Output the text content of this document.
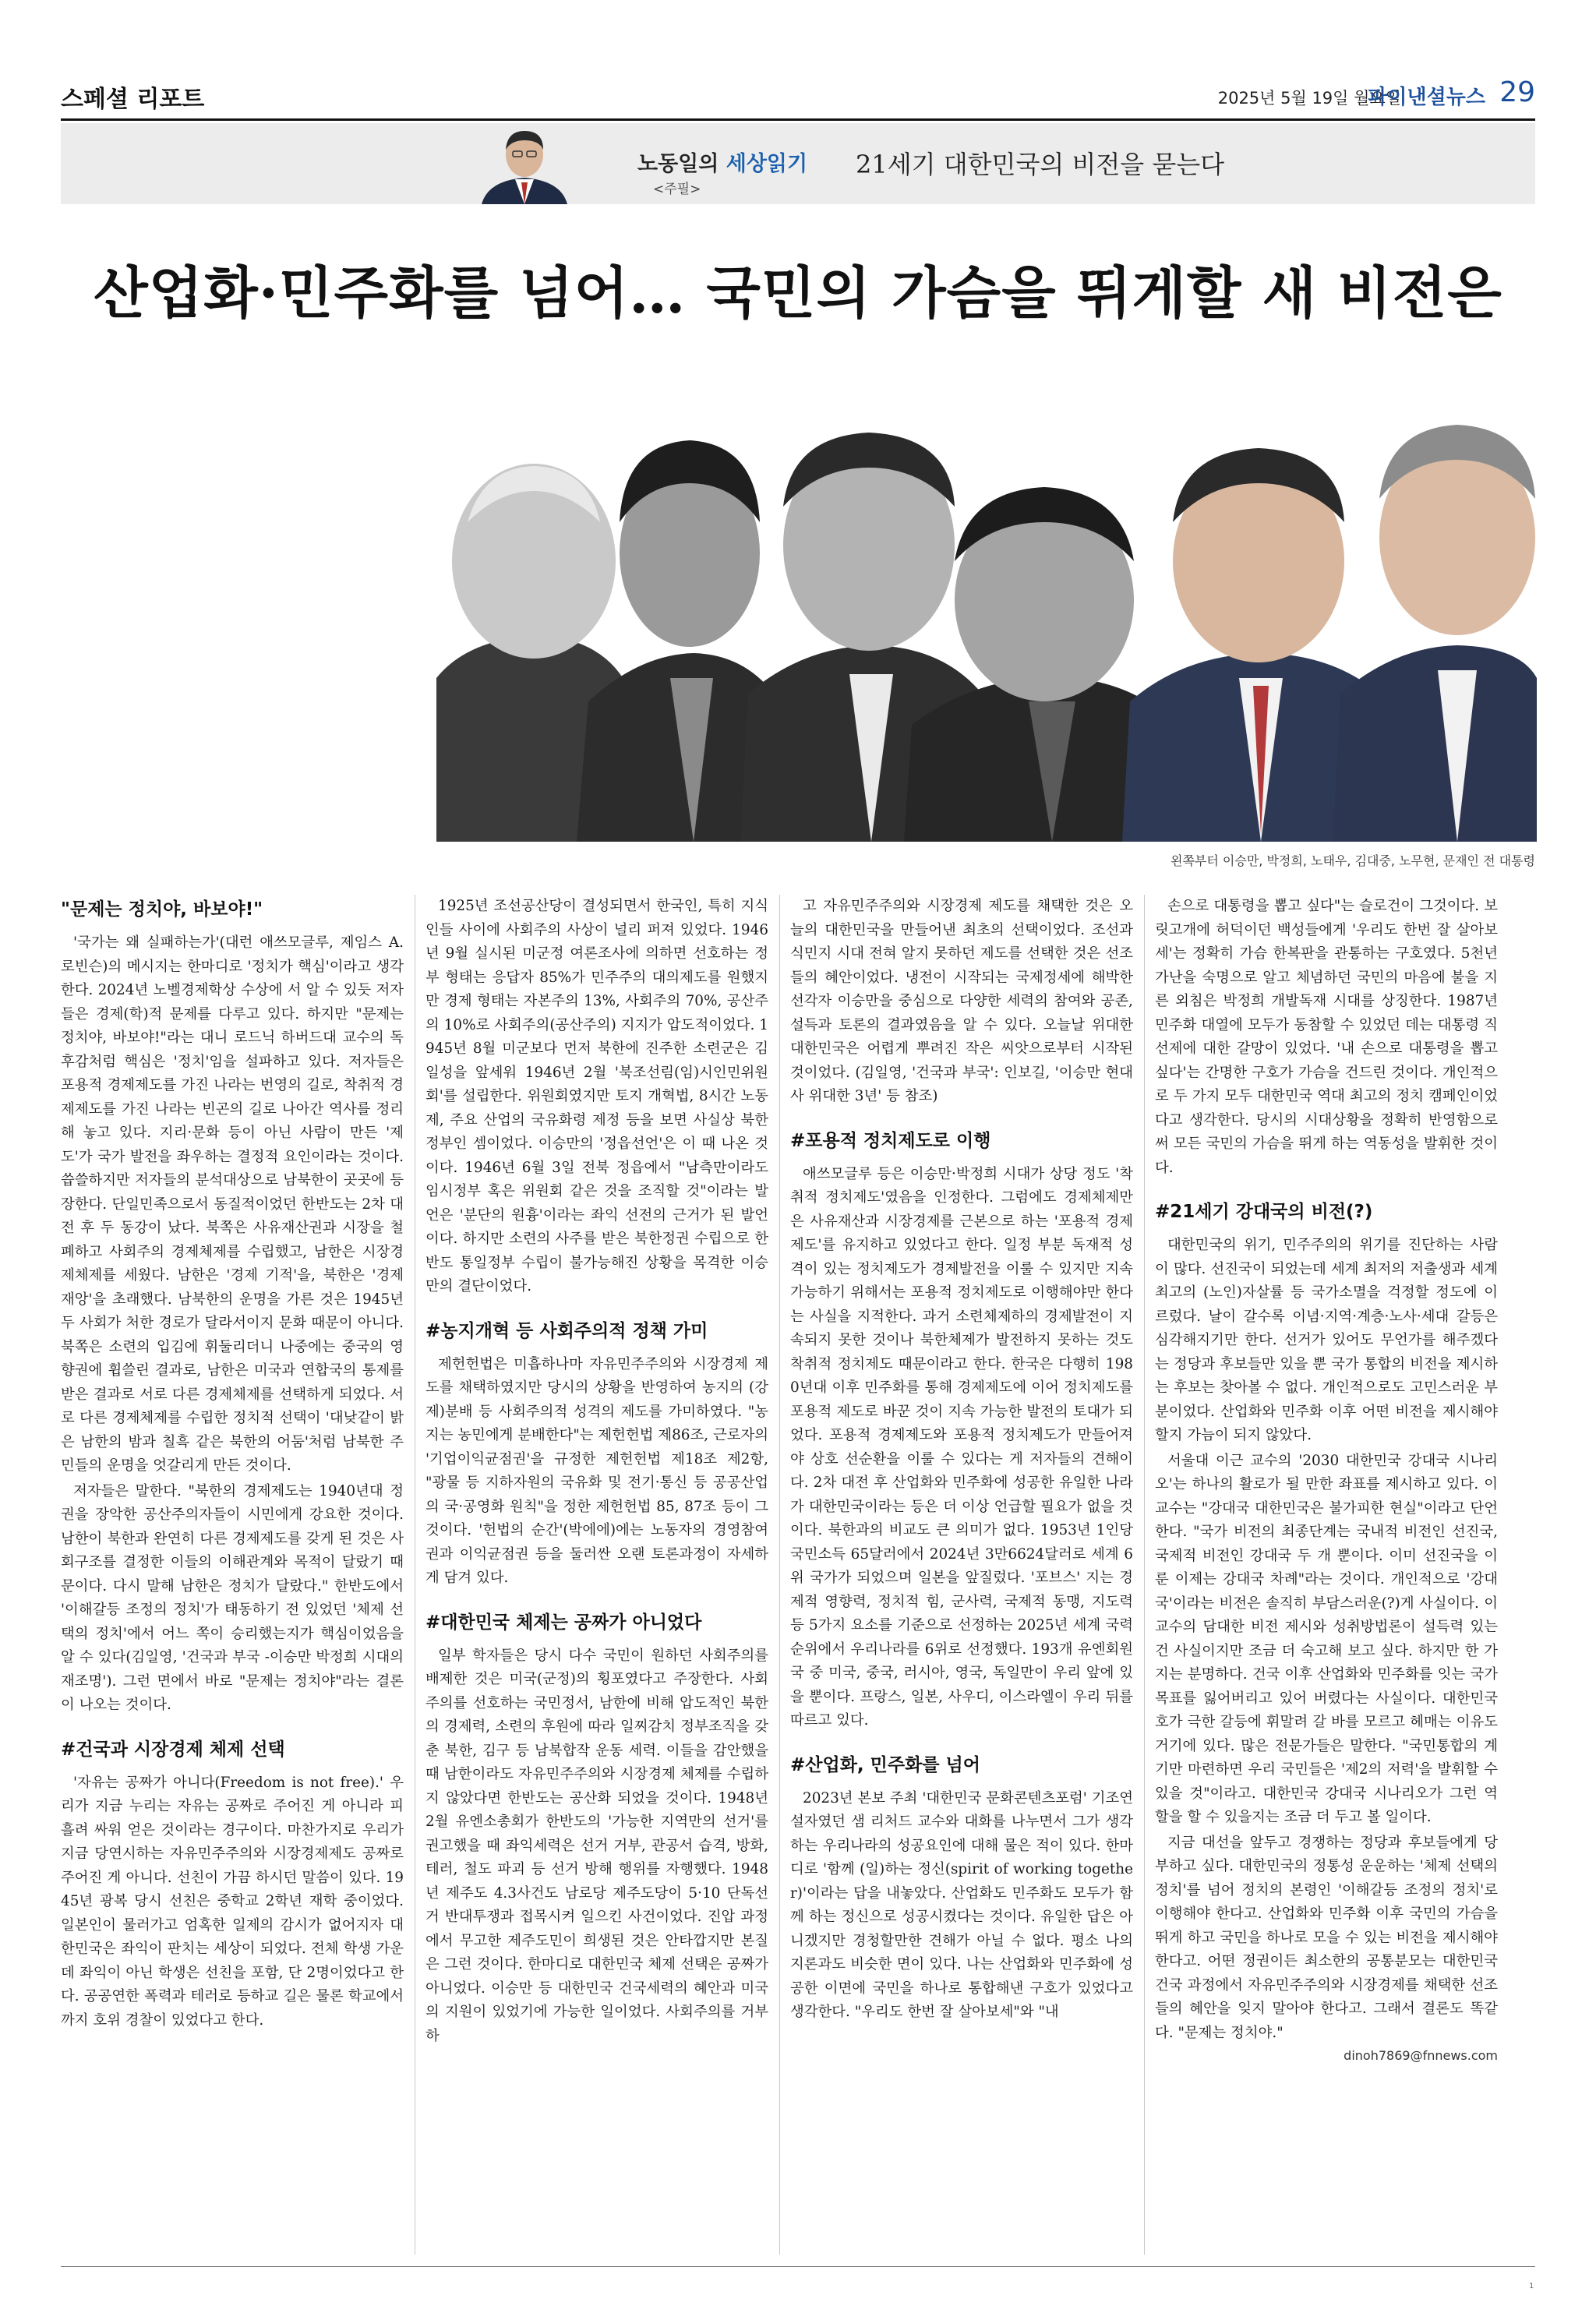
스페셜 리포트	2025년 5월 19일 월요일
파이낸셜뉴스 29
노동일의 세상읽기
<주필>
21세기 대한민국의 비전을 묻는다
산업화·민주화를 넘어… 국민의 가슴을 뛰게할 새 비전은
왼쪽부터 이승만, 박정희, 노태우, 김대중, 노무현, 문재인 전 대통령
"문제는 정치야, 바보야!"

'국가는 왜 실패하는가'(대런 애쓰모글루, 제임스 A. 로빈슨)의 메시지는 한마디로 '정치가 핵심'이라고 생각한다. 2024년 노벨경제학상 수상에 서 알 수 있듯 저자들은 경제(학)적 문제를 다루고 있다. 하지만 "문제는 정치야, 바보야!"라는 대니 로드닉 하버드대 교수의 독후감처럼 핵심은 '정치'임을 설파하고 있다. 저자들은 포용적 경제제도를 가진 나라는 번영의 길로, 착취적 경제제도를 가진 나라는 빈곤의 길로 나아간 역사를 정리해 놓고 있다. 지리·문화 등이 아닌 사람이 만든 '제도'가 국가 발전을 좌우하는 결정적 요인이라는 것이다. 씁쓸하지만 저자들의 분석대상으로 남북한이 곳곳에 등장한다. 단일민족으로서 동질적이었던 한반도는 2차 대전 후 두 동강이 났다. 북쪽은 사유재산권과 시장을 철폐하고 사회주의 경제체제를 수립했고, 남한은 시장경제체제를 세웠다. 남한은 '경제 기적'을, 북한은 '경제 재앙'을 초래했다. 남북한의 운명을 가른 것은 1945년 두 사회가 처한 경로가 달라서이지 문화 때문이 아니다. 북쪽은 소련의 입김에 휘둘리더니 나중에는 중국의 영향권에 휩쓸린 결과로, 남한은 미국과 연합국의 통제를 받은 결과로 서로 다른 경제체제를 선택하게 되었다. 서로 다른 경제체제를 수립한 정치적 선택이 '대낮같이 밝은 남한의 밤과 칠흑 같은 북한의 어둠'처럼 남북한 주민들의 운명을 엇갈리게 만든 것이다.

저자들은 말한다. "북한의 경제제도는 1940년대 정권을 장악한 공산주의자들이 시민에게 강요한 것이다. 남한이 북한과 완연히 다른 경제제도를 갖게 된 것은 사회구조를 결정한 이들의 이해관계와 목적이 달랐기 때문이다. 다시 말해 남한은 정치가 달랐다." 한반도에서 '이해갈등 조정의 정치'가 태동하기 전 있었던 '체제 선택의 정치'에서 어느 쪽이 승리했는지가 핵심이었음을 알 수 있다(김일영, '건국과 부국 -이승만 박정희 시대의 재조명'). 그런 면에서 바로 "문제는 정치야"라는 결론이 나오는 것이다.

#건국과 시장경제 체제 선택

'자유는 공짜가 아니다(Freedom is not free).' 우리가 지금 누리는 자유는 공짜로 주어진 게 아니라 피 흘려 싸워 얻은 것이라는 경구이다. 마찬가지로 우리가 지금 당연시하는 자유민주주의와 시장경제제도 공짜로 주어진 게 아니다. 선친이 가끔 하시던 말씀이 있다. 1945년 광복 당시 선친은 중학교 2학년 재학 중이었다. 일본인이 물러가고 엄혹한 일제의 감시가 없어지자 대한민국은 좌익이 판치는 세상이 되었다. 전체 학생 가운데 좌익이 아닌 학생은 선친을 포함, 단 2명이었다고 한다. 공공연한 폭력과 테러로 등하교 길은 물론 학교에서까지 호위 경찰이 있었다고 한다.

1925년 조선공산당이 결성되면서 한국인, 특히 지식인들 사이에 사회주의 사상이 널리 퍼져 있었다. 1946년 9월 실시된 미군정 여론조사에 의하면 선호하는 정부 형태는 응답자 85%가 민주주의 대의제도를 원했지만 경제 형태는 자본주의 13%, 사회주의 70%, 공산주의 10%로 사회주의(공산주의) 지지가 압도적이었다. 1945년 8월 미군보다 먼저 북한에 진주한 소련군은 김일성을 앞세워 1946년 2월 '북조선림(임)시인민위원회'를 설립한다. 위원회였지만 토지 개혁법, 8시간 노동제, 주요 산업의 국유화령 제정 등을 보면 사실상 북한정부인 셈이었다. 이승만의 '정읍선언'은 이 때 나온 것이다. 1946년 6월 3일 전북 정읍에서 "남측만이라도 임시정부 혹은 위원회 같은 것을 조직할 것"이라는 발언은 '분단의 원흉'이라는 좌익 선전의 근거가 된 발언이다. 하지만 소련의 사주를 받은 북한정권 수립으로 한반도 통일정부 수립이 불가능해진 상황을 목격한 이승만의 결단이었다.

#농지개혁 등 사회주의적 정책 가미

제헌헌법은 미흡하나마 자유민주주의와 시장경제 제도를 채택하였지만 당시의 상황을 반영하여 농지의 (강제)분배 등 사회주의적 성격의 제도를 가미하였다. "농지는 농민에게 분배한다"는 제헌헌법 제86조, 근로자의 '기업이익균점권'을 규정한 제헌헌법 제18조 제2항, "광물 등 지하자원의 국유화 및 전기·통신 등 공공산업의 국·공영화 원칙"을 정한 제헌헌법 85, 87조 등이 그것이다. '헌법의 순간'(박에에)에는 노동자의 경영참여권과 이익균점권 등을 둘러싼 오랜 토론과정이 자세하게 담겨 있다.

#대한민국 체제는 공짜가 아니었다

일부 학자들은 당시 다수 국민이 원하던 사회주의를 배제한 것은 미국(군정)의 횡포였다고 주장한다. 사회주의를 선호하는 국민정서, 남한에 비해 압도적인 북한의 경제력, 소련의 후원에 따라 일찌감치 정부조직을 갖춘 북한, 김구 등 남북합작 운동 세력. 이들을 감안했을 때 남한이라도 자유민주주의와 시장경제 체제를 수립하지 않았다면 한반도는 공산화 되었을 것이다. 1948년 2월 유엔소총회가 한반도의 '가능한 지역만의 선거'를 권고했을 때 좌익세력은 선거 거부, 관공서 습격, 방화, 테러, 철도 파괴 등 선거 방해 행위를 자행했다. 1948년 제주도 4.3사건도 남로당 제주도당이 5·10 단독선거 반대투쟁과 접목시켜 일으킨 사건이었다. 진압 과정에서 무고한 제주도민이 희생된 것은 안타깝지만 본질은 그런 것이다. 한마디로 대한민국 체제 선택은 공짜가 아니었다. 이승만 등 대한민국 건국세력의 혜안과 미국의 지원이 있었기에 가능한 일이었다. 사회주의를 거부하

고 자유민주주의와 시장경제 제도를 채택한 것은 오늘의 대한민국을 만들어낸 최초의 선택이었다. 조선과 식민지 시대 전혀 알지 못하던 제도를 선택한 것은 선조들의 혜안이었다. 냉전이 시작되는 국제정세에 해박한 선각자 이승만을 중심으로 다양한 세력의 참여와 공존, 설득과 토론의 결과였음을 알 수 있다. 오늘날 위대한 대한민국은 어렵게 뿌려진 작은 씨앗으로부터 시작된 것이었다. (김일영, '건국과 부국': 인보길, '이승만 현대사 위대한 3년' 등 참조)

#포용적 정치제도로 이행

애쓰모글루 등은 이승만·박정희 시대가 상당 정도 '착취적 정치제도'였음을 인정한다. 그럼에도 경제체제만은 사유재산과 시장경제를 근본으로 하는 '포용적 경제제도'를 유지하고 있었다고 한다. 일정 부분 독재적 성격이 있는 정치제도가 경제발전을 이룰 수 있지만 지속가능하기 위해서는 포용적 정치제도로 이행해야만 한다는 사실을 지적한다. 과거 소련체제하의 경제발전이 지속되지 못한 것이나 북한체제가 발전하지 못하는 것도 착취적 정치제도 때문이라고 한다. 한국은 다행히 1980년대 이후 민주화를 통해 경제제도에 이어 정치제도를 포용적 제도로 바꾼 것이 지속 가능한 발전의 토대가 되었다. 포용적 경제제도와 포용적 정치제도가 만들어져야 상호 선순환을 이룰 수 있다는 게 저자들의 견해이다. 2차 대전 후 산업화와 민주화에 성공한 유일한 나라가 대한민국이라는 등은 더 이상 언급할 필요가 없을 것이다. 북한과의 비교도 큰 의미가 없다. 1953년 1인당 국민소득 65달러에서 2024년 3만6624달러로 세계 6위 국가가 되었으며 일본을 앞질렀다. '포브스' 지는 경제적 영향력, 정치적 힘, 군사력, 국제적 동맹, 지도력 등 5가지 요소를 기준으로 선정하는 2025년 세계 국력 순위에서 우리나라를 6위로 선정했다. 193개 유엔회원국 중 미국, 중국, 러시아, 영국, 독일만이 우리 앞에 있을 뿐이다. 프랑스, 일본, 사우디, 이스라엘이 우리 뒤를 따르고 있다.

#산업화, 민주화를 넘어

2023년 본보 주최 '대한민국 문화콘텐츠포럼' 기조연설자였던 샘 리처드 교수와 대화를 나누면서 그가 생각하는 우리나라의 성공요인에 대해 물은 적이 있다. 한마디로 '함께 (일)하는 정신(spirit of working together)'이라는 답을 내놓았다. 산업화도 민주화도 모두가 함께 하는 정신으로 성공시켰다는 것이다. 유일한 답은 아니겠지만 경청할만한 견해가 아닐 수 없다. 평소 나의 지론과도 비슷한 면이 있다. 나는 산업화와 민주화에 성공한 이면에 국민을 하나로 통합해낸 구호가 있었다고 생각한다. "우리도 한번 잘 살아보세"와 "내

손으로 대통령을 뽑고 싶다"는 슬로건이 그것이다. 보릿고개에 허덕이던 백성들에게 '우리도 한번 잘 살아보세'는 정확히 가슴 한복판을 관통하는 구호였다. 5천년 가난을 숙명으로 알고 체념하던 국민의 마음에 불을 지른 외침은 박정희 개발독재 시대를 상징한다. 1987년 민주화 대열에 모두가 동참할 수 있었던 데는 대통령 직선제에 대한 갈망이 있었다. '내 손으로 대통령을 뽑고 싶다'는 간명한 구호가 가슴을 건드린 것이다. 개인적으로 두 가지 모두 대한민국 역대 최고의 정치 캠페인이었다고 생각한다. 당시의 시대상황을 정확히 반영함으로써 모든 국민의 가슴을 뛰게 하는 역동성을 발휘한 것이다.

#21세기 강대국의 비전(?)

대한민국의 위기, 민주주의의 위기를 진단하는 사람이 많다. 선진국이 되었는데 세계 최저의 저출생과 세계 최고의 (노인)자살률 등 국가소멸을 걱정할 정도에 이르렀다. 날이 갈수록 이념·지역·계층·노사·세대 갈등은 심각해지기만 한다. 선거가 있어도 무언가를 해주겠다는 정당과 후보들만 있을 뿐 국가 통합의 비전을 제시하는 후보는 찾아볼 수 없다. 개인적으로도 고민스러운 부분이었다. 산업화와 민주화 이후 어떤 비전을 제시해야 할지 가늠이 되지 않았다.

서울대 이근 교수의 '2030 대한민국 강대국 시나리오'는 하나의 활로가 될 만한 좌표를 제시하고 있다. 이 교수는 "강대국 대한민국은 불가피한 현실"이라고 단언한다. "국가 비전의 최종단계는 국내적 비전인 선진국, 국제적 비전인 강대국 두 개 뿐이다. 이미 선진국을 이룬 이제는 강대국 차례"라는 것이다. 개인적으로 '강대국'이라는 비전은 솔직히 부담스러운(?)게 사실이다. 이 교수의 담대한 비전 제시와 성취방법론이 설득력 있는 건 사실이지만 조금 더 숙고해 보고 싶다. 하지만 한 가지는 분명하다. 건국 이후 산업화와 민주화를 잇는 국가목표를 잃어버리고 있어 버렸다는 사실이다. 대한민국호가 극한 갈등에 휘말려 갈 바를 모르고 헤매는 이유도 거기에 있다. 많은 전문가들은 말한다. "국민통합의 계기만 마련하면 우리 국민들은 '제2의 저력'을 발휘할 수 있을 것"이라고. 대한민국 강대국 시나리오가 그런 역할을 할 수 있을지는 조금 더 두고 볼 일이다.

지금 대선을 앞두고 경쟁하는 정당과 후보들에게 당부하고 싶다. 대한민국의 정통성 운운하는 '체제 선택의 정치'를 넘어 정치의 본령인 '이해갈등 조정의 정치'로 이행해야 한다고. 산업화와 민주화 이후 국민의 가슴을 뛰게 하고 국민을 하나로 모을 수 있는 비전을 제시해야 한다고. 어떤 정권이든 최소한의 공통분모는 대한민국 건국 과정에서 자유민주주의와 시장경제를 채택한 선조들의 혜안을 잊지 말아야 한다고. 그래서 결론도 똑같다. "문제는 정치야."

dinoh7869@fnnews.com
1
